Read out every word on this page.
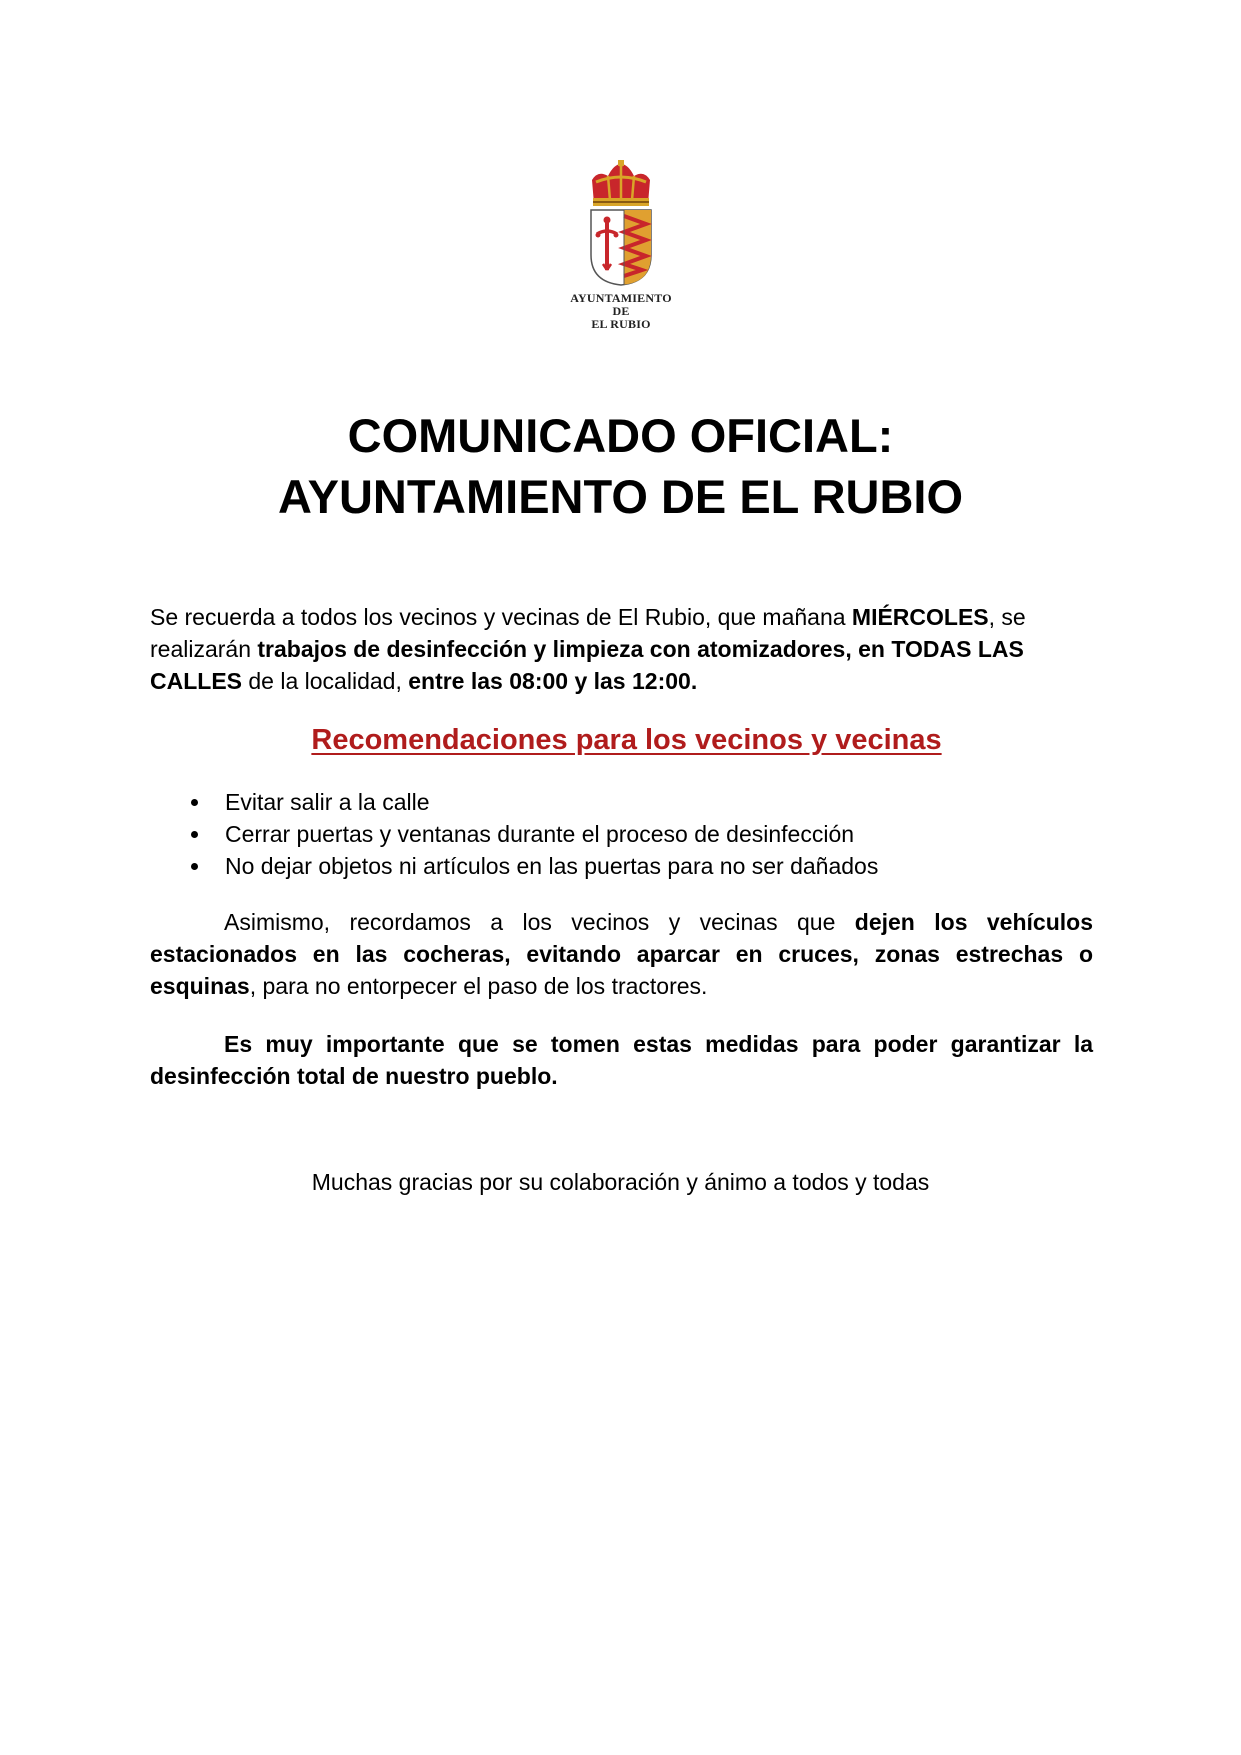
AYUNTAMIENTO
DE
EL RUBIO
COMUNICADO OFICIAL:
AYUNTAMIENTO DE EL RUBIO

Se recuerda a todos los vecinos y vecinas de El Rubio, que mañana MIÉRCOLES, se realizarán trabajos de desinfección y limpieza con atomizadores, en TODAS LAS CALLES de la localidad, entre las 08:00 y las 12:00.

Recomendaciones para los vecinos y vecinas
Evitar salir a la calle
Cerrar puertas y ventanas durante el proceso de desinfección
No dejar objetos ni artículos en las puertas para no ser dañados

Asimismo, recordamos a los vecinos y vecinas que dejen los vehículos estacionados en las cocheras, evitando aparcar en cruces, zonas estrechas o esquinas, para no entorpecer el paso de los tractores.

Es muy importante que se tomen estas medidas para poder garantizar la desinfección total de nuestro pueblo.

Muchas gracias por su colaboración y ánimo a todos y todas
